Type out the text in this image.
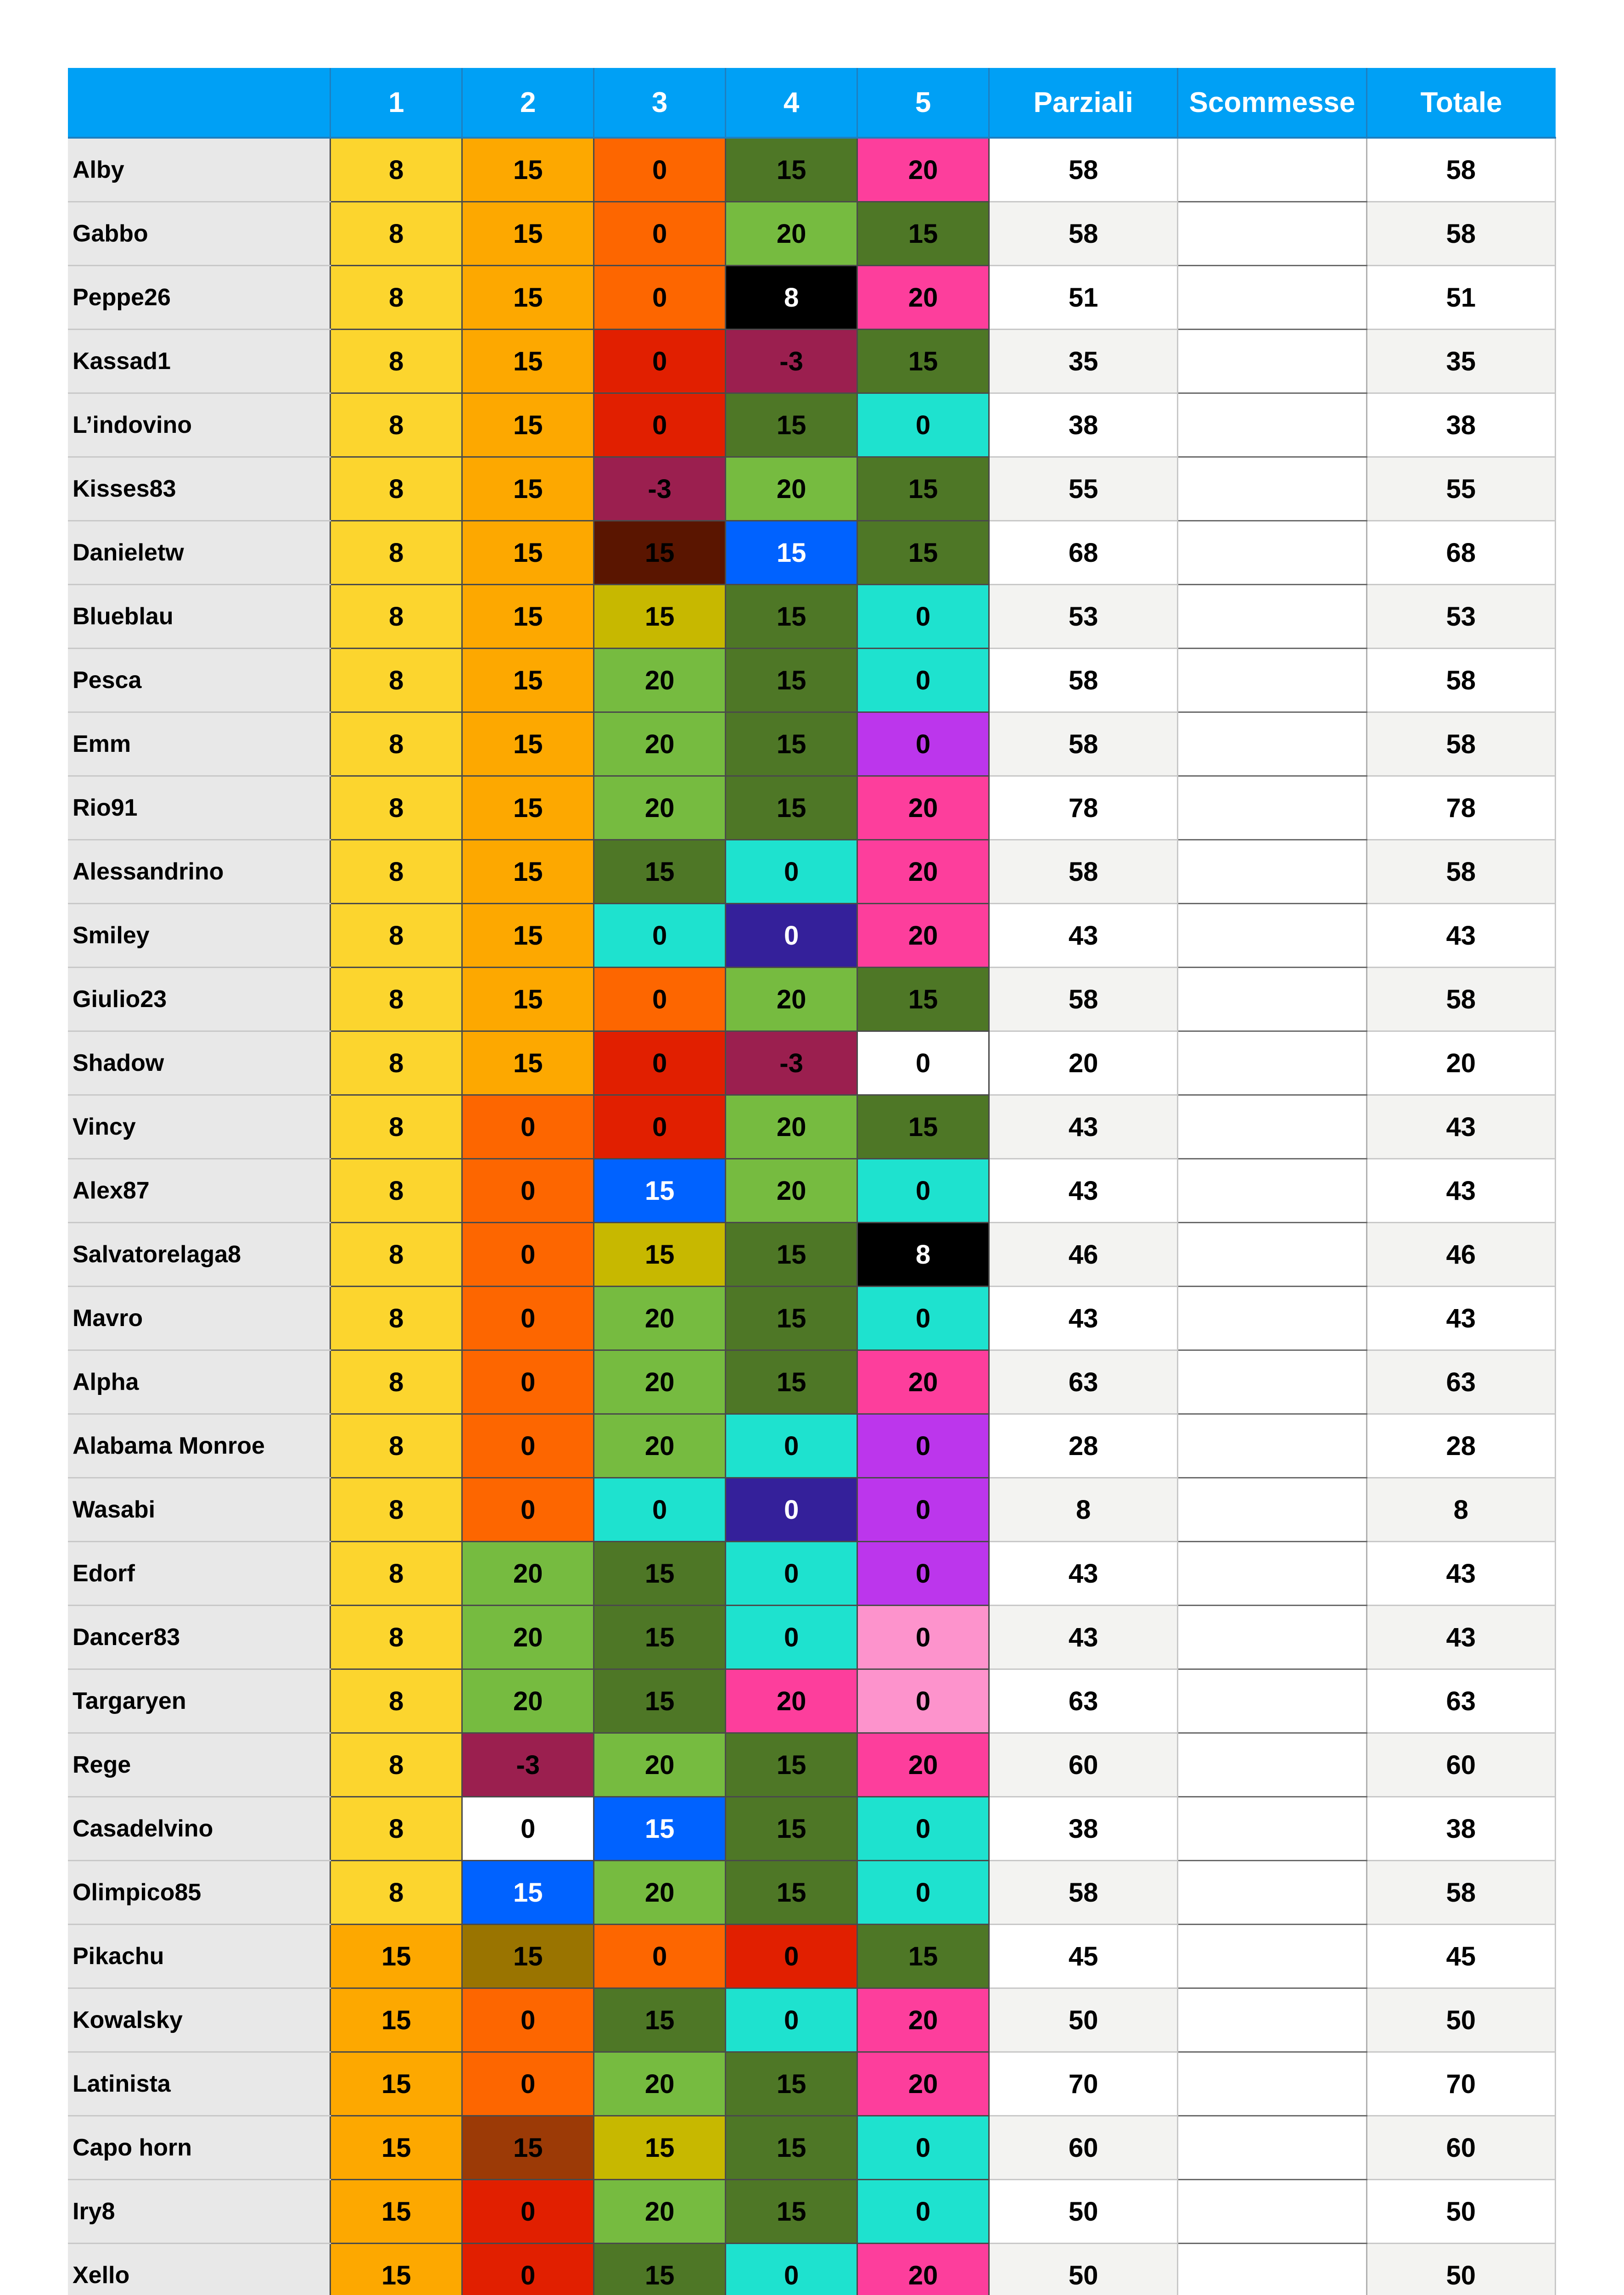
	1	2	3	4	5	Parziali	Scommesse	Totale
Alby	8	15	0	15	20	58		58
Gabbo	8	15	0	20	15	58		58
Peppe26	8	15	0	8	20	51		51
Kassad1	8	15	0	-3	15	35		35
L’indovino	8	15	0	15	0	38		38
Kisses83	8	15	-3	20	15	55		55
Danieletw	8	15	15	15	15	68		68
Blueblau	8	15	15	15	0	53		53
Pesca	8	15	20	15	0	58		58
Emm	8	15	20	15	0	58		58
Rio91	8	15	20	15	20	78		78
Alessandrino	8	15	15	0	20	58		58
Smiley	8	15	0	0	20	43		43
Giulio23	8	15	0	20	15	58		58
Shadow	8	15	0	-3	0	20		20
Vincy	8	0	0	20	15	43		43
Alex87	8	0	15	20	0	43		43
Salvatorelaga8	8	0	15	15	8	46		46
Mavro	8	0	20	15	0	43		43
Alpha	8	0	20	15	20	63		63
Alabama Monroe	8	0	20	0	0	28		28
Wasabi	8	0	0	0	0	8		8
Edorf	8	20	15	0	0	43		43
Dancer83	8	20	15	0	0	43		43
Targaryen	8	20	15	20	0	63		63
Rege	8	-3	20	15	20	60		60
Casadelvino	8	0	15	15	0	38		38
Olimpico85	8	15	20	15	0	58		58
Pikachu	15	15	0	0	15	45		45
Kowalsky	15	0	15	0	20	50		50
Latinista	15	0	20	15	20	70		70
Capo horn	15	15	15	15	0	60		60
Iry8	15	0	20	15	0	50		50
Xello	15	0	15	0	20	50		50
